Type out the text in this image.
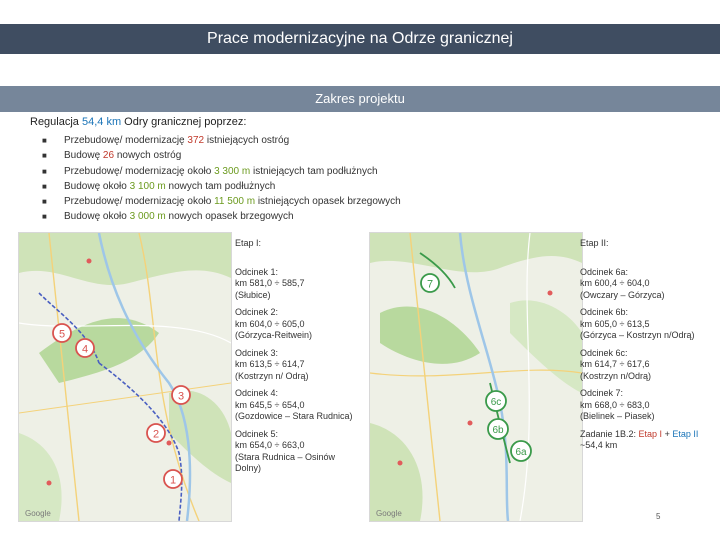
Prace modernizacyjne na Odrze granicznej
Zakres projektu
Regulacja 54,4 km Odry granicznej poprzez:
■ Przebudowę/ modernizację 372 istniejących ostróg
■ Budowę 26 nowych ostróg
■ Przebudowę/ modernizację około 3 300 m istniejących tam podłużnych
■ Budowę około 3 100 m nowych tam podłużnych
■ Przebudowę/ modernizację około 11 500 m istniejących opasek brzegowych
■ Budowę około 3 000 m nowych opasek brzegowych
5
4
3
2
1
Google
Etap I:
Odcinek 1:
km 581,0 ÷ 585,7
(Słubice)
Odcinek 2:
km 604,0 ÷ 605,0
(Górzyca-Reitwein)
Odcinek 3:
km 613,5 ÷ 614,7
(Kostrzyn n/ Odrą)
Odcinek 4:
km 645,5 ÷ 654,0
(Gozdowice – Stara Rudnica)
Odcinek 5:
km 654,0 ÷ 663,0
(Stara Rudnica – Osinów
Dolny)
7
6c
6b
6a
Google
Etap II:
Odcinek 6a:
km 600,4 ÷ 604,0
(Owczary – Górzyca)
Odcinek 6b:
km 605,0 ÷ 613,5
(Górzyca – Kostrzyn n/Odrą)
Odcinek 6c:
km 614,7 ÷ 617,6
(Kostrzyn n/Odrą)
Odcinek 7:
km 668,0 ÷ 683,0
(Bielinek – Piasek)
Zadanie 1B.2: Etap I + Etap II
~54,4 km
5
